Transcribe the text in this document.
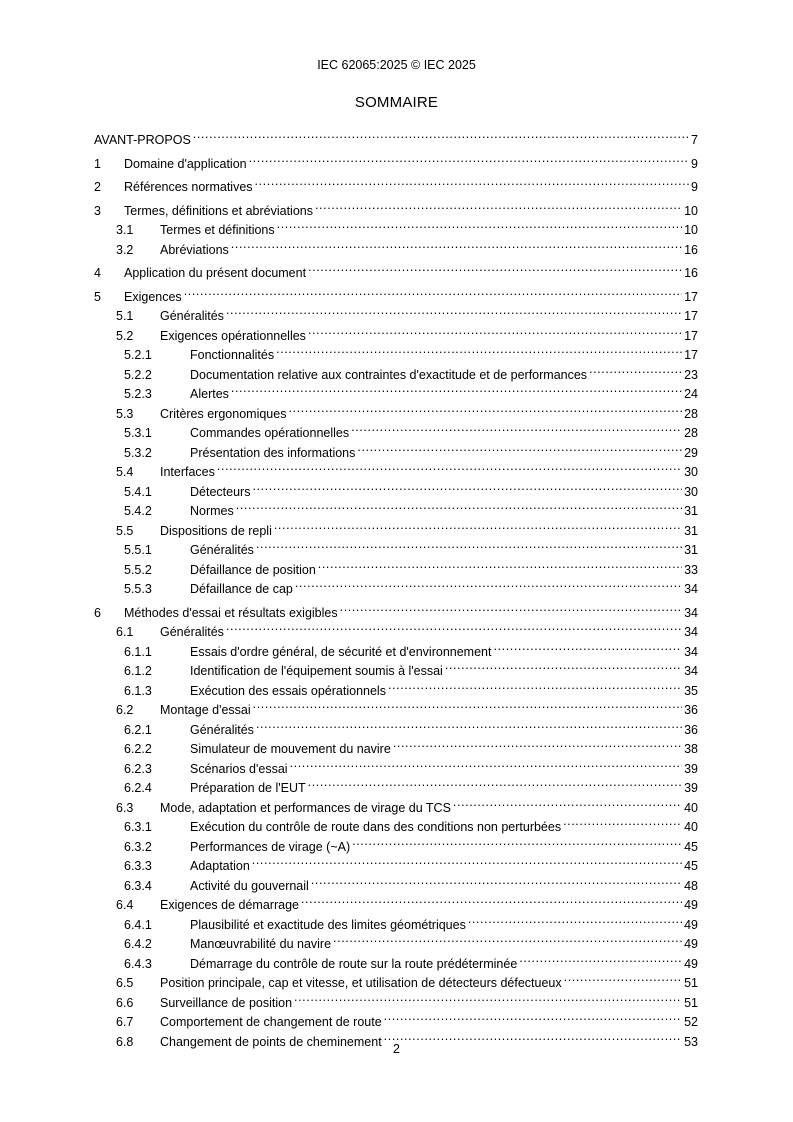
IEC 62065:2025 © IEC 2025
SOMMAIRE
AVANT-PROPOS .....	7
1	Domaine d'application .....	9
2	Références normatives .....	9
3	Termes, définitions et abréviations .....	10
3.1	Termes et définitions .....	10
3.2	Abréviations .....	16
4	Application du présent document .....	16
5	Exigences .....	17
5.1	Généralités .....	17
5.2	Exigences opérationnelles .....	17
5.2.1	Fonctionnalités .....	17
5.2.2	Documentation relative aux contraintes d'exactitude et de performances .....	23
5.2.3	Alertes .....	24
5.3	Critères ergonomiques .....	28
5.3.1	Commandes opérationnelles .....	28
5.3.2	Présentation des informations .....	29
5.4	Interfaces .....	30
5.4.1	Détecteurs .....	30
5.4.2	Normes .....	31
5.5	Dispositions de repli .....	31
5.5.1	Généralités .....	31
5.5.2	Défaillance de position .....	33
5.5.3	Défaillance de cap .....	34
6	Méthodes d'essai et résultats exigibles .....	34
6.1	Généralités .....	34
6.1.1	Essais d'ordre général, de sécurité et d'environnement .....	34
6.1.2	Identification de l'équipement soumis à l'essai .....	34
6.1.3	Exécution des essais opérationnels .....	35
6.2	Montage d'essai .....	36
6.2.1	Généralités .....	36
6.2.2	Simulateur de mouvement du navire .....	38
6.2.3	Scénarios d'essai .....	39
6.2.4	Préparation de l'EUT .....	39
6.3	Mode, adaptation et performances de virage du TCS .....	40
6.3.1	Exécution du contrôle de route dans des conditions non perturbées .....	40
6.3.2	Performances de virage (~A) .....	45
6.3.3	Adaptation .....	45
6.3.4	Activité du gouvernail .....	48
6.4	Exigences de démarrage .....	49
6.4.1	Plausibilité et exactitude des limites géométriques .....	49
6.4.2	Manœuvrabilité du navire .....	49
6.4.3	Démarrage du contrôle de route sur la route prédéterminée .....	49
6.5	Position principale, cap et vitesse, et utilisation de détecteurs défectueux .....	51
6.6	Surveillance de position .....	51
6.7	Comportement de changement de route .....	52
6.8	Changement de points de cheminement .....	53
2
